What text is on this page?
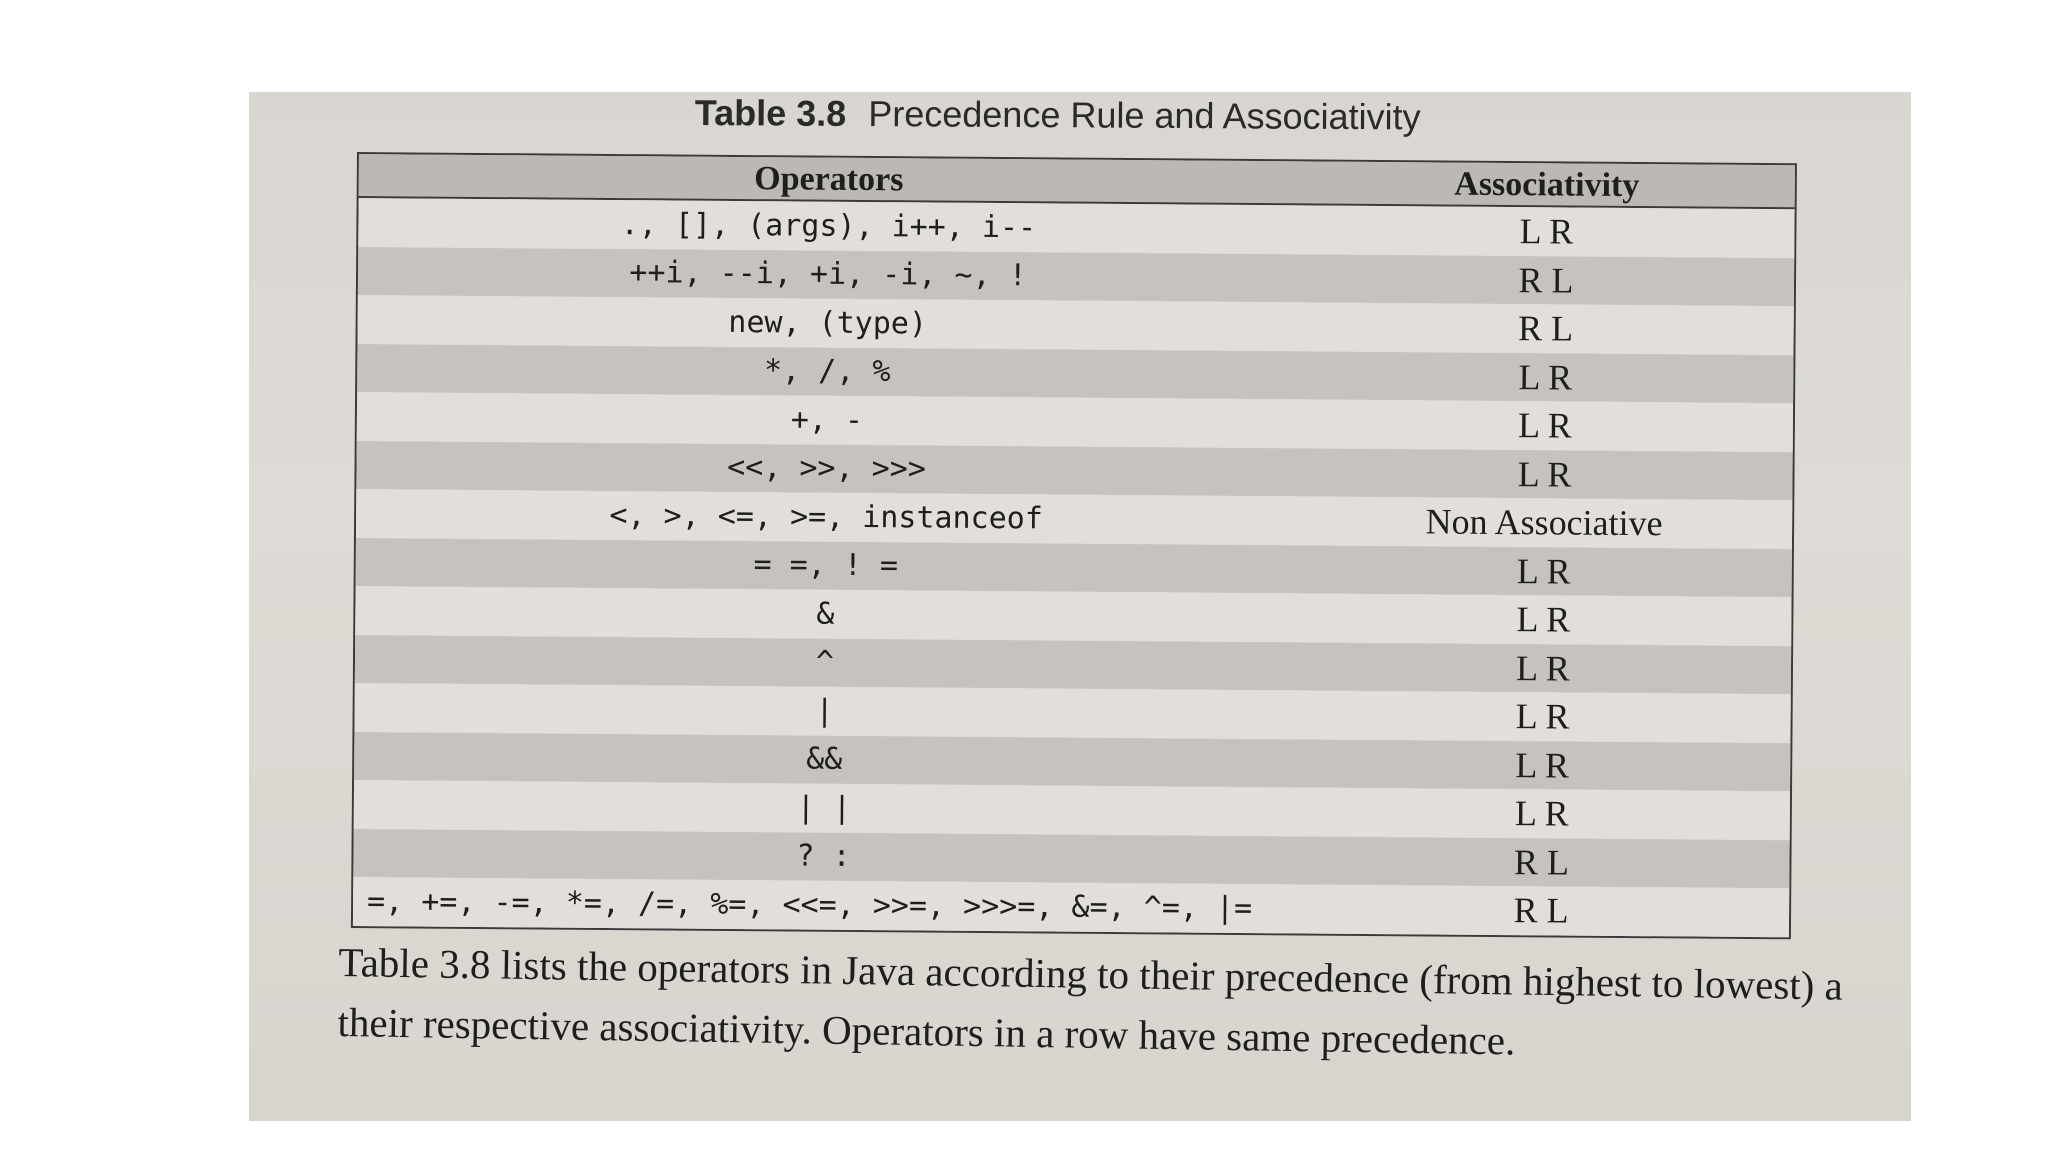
Table 3.8 Precedence Rule and Associativity
Operators	Associativity
., [], (args), i++, i--	L R
++i, --i, +i, -i, ~, !	R L
new, (type)	R L
*, /, %	L R
+, -	L R
<<, >>, >>>	L R
<, >, <=, >=, instanceof	Non Associative
= =, ! =	L R
&	L R
^	L R
|	L R
&&	L R
| |	L R
? :	R L
=, +=, -=, *=, /=, %=, <<=, >>=, >>>=, &=, ^=, |=	R L

Table 3.8 lists the operators in Java according to their precedence (from highest to lowest) a

their respective associativity. Operators in a row have same precedence.
